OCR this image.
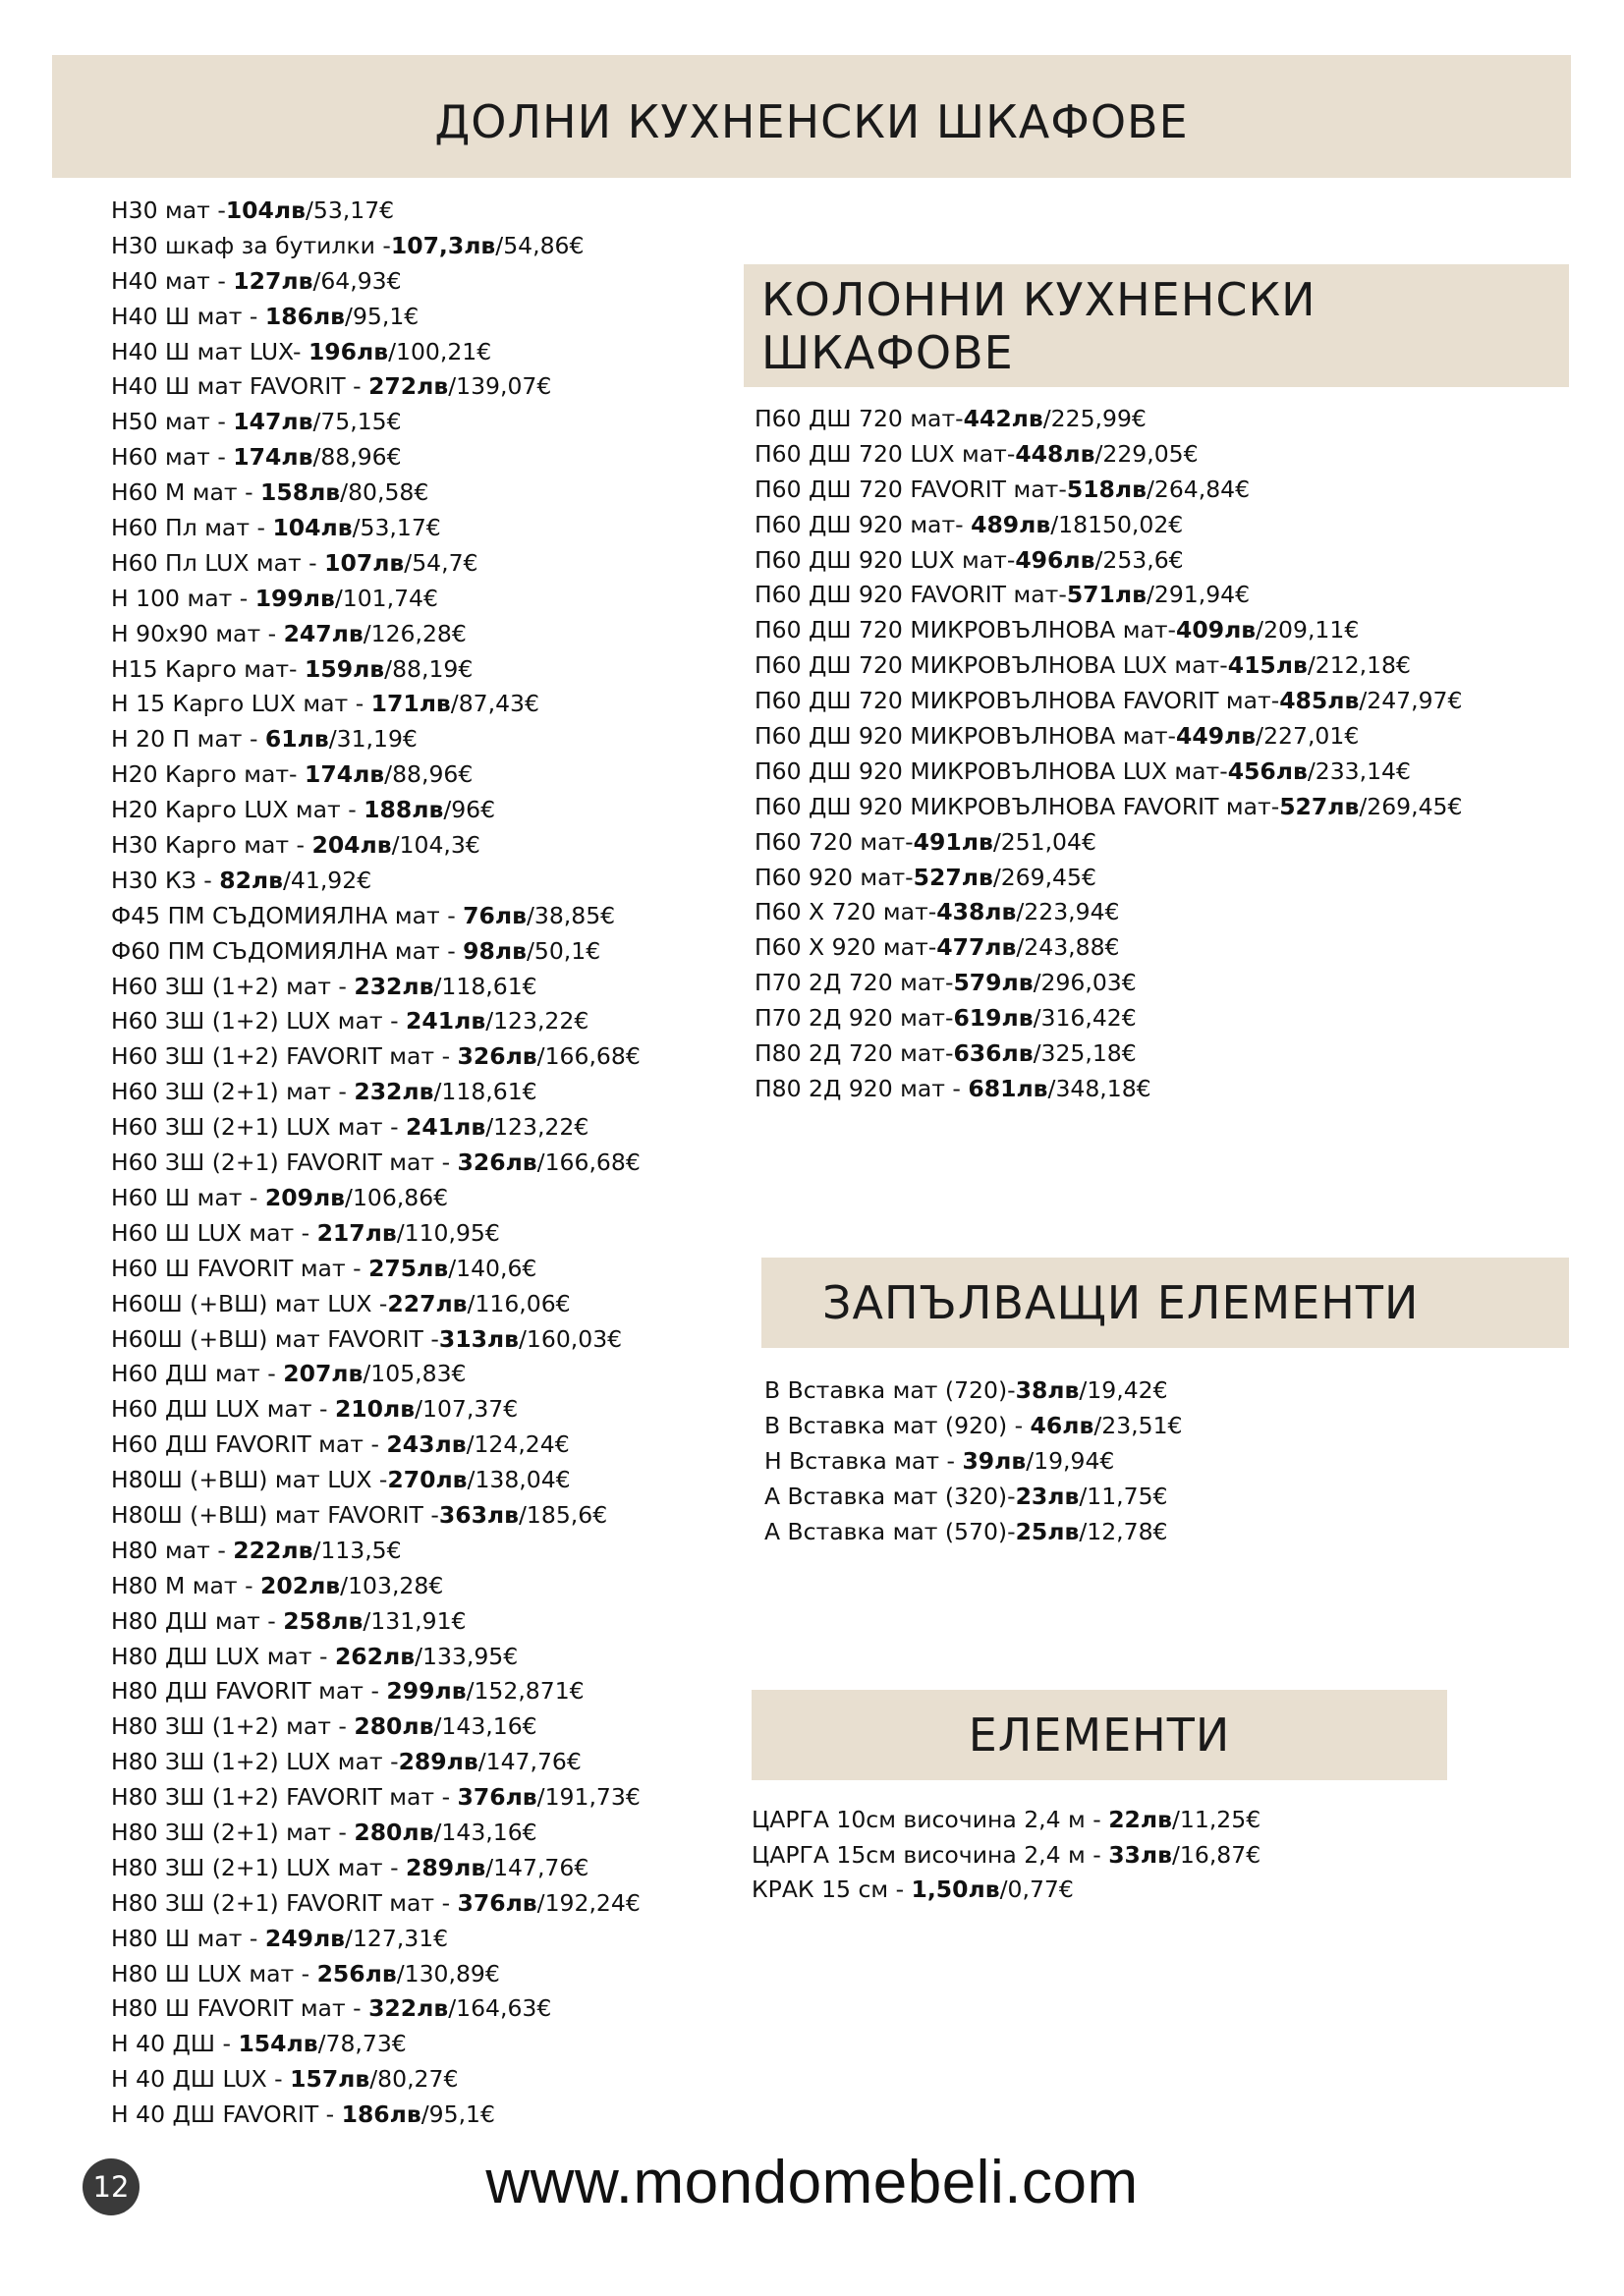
ДОЛНИ КУХНЕНСКИ ШКАФОВЕ
Н30 мат -104лв/53,17€
Н30 шкаф за бутилки -107,3лв/54,86€
Н40 мат - 127лв/64,93€
Н40 Ш мат - 186лв/95,1€
Н40 Ш мат LUX- 196лв/100,21€
Н40 Ш мат FAVORIT - 272лв/139,07€
Н50 мат - 147лв/75,15€
Н60 мат - 174лв/88,96€
Н60 М мат - 158лв/80,58€
Н60 Пл мат - 104лв/53,17€
Н60 Пл LUX мат - 107лв/54,7€
Н 100 мат - 199лв/101,74€
Н 90х90 мат - 247лв/126,28€
Н15 Карго мат- 159лв/88,19€
Н 15 Карго LUX мат - 171лв/87,43€
Н 20 П мат - 61лв/31,19€
Н20 Карго мат- 174лв/88,96€
Н20 Карго LUX мат - 188лв/96€
Н30 Карго мат - 204лв/104,3€
Н30 КЗ - 82лв/41,92€
Ф45 ПМ СЪДОМИЯЛНА мат - 76лв/38,85€
Ф60 ПМ СЪДОМИЯЛНА мат - 98лв/50,1€
Н60 ЗШ (1+2) мат - 232лв/118,61€
Н60 ЗШ (1+2) LUX мат - 241лв/123,22€
Н60 ЗШ (1+2) FAVORIT мат - 326лв/166,68€
Н60 ЗШ (2+1) мат - 232лв/118,61€
Н60 ЗШ (2+1) LUX мат - 241лв/123,22€
Н60 ЗШ (2+1) FAVORIT мат - 326лв/166,68€
Н60 Ш мат - 209лв/106,86€
Н60 Ш LUX мат - 217лв/110,95€
Н60 Ш FAVORIT мат - 275лв/140,6€
Н60Ш (+ВШ) мат LUX -227лв/116,06€
Н60Ш (+ВШ) мат FAVORIT -313лв/160,03€
Н60 ДШ мат - 207лв/105,83€
Н60 ДШ LUX мат - 210лв/107,37€
Н60 ДШ FAVORIT мат - 243лв/124,24€
Н80Ш (+ВШ) мат LUX -270лв/138,04€
Н80Ш (+ВШ) мат FAVORIT -363лв/185,6€
Н80 мат - 222лв/113,5€
Н80 М мат - 202лв/103,28€
Н80 ДШ мат - 258лв/131,91€
Н80 ДШ LUX мат - 262лв/133,95€
Н80 ДШ FAVORIT мат - 299лв/152,871€
Н80 ЗШ (1+2) мат - 280лв/143,16€
Н80 ЗШ (1+2) LUX мат -289лв/147,76€
Н80 ЗШ (1+2) FAVORIT мат - 376лв/191,73€
Н80 ЗШ (2+1) мат - 280лв/143,16€
Н80 ЗШ (2+1) LUX мат - 289лв/147,76€
Н80 ЗШ (2+1) FAVORIT мат - 376лв/192,24€
Н80 Ш мат - 249лв/127,31€
Н80 Ш LUX мат - 256лв/130,89€
Н80 Ш FAVORIT мат - 322лв/164,63€
Н 40 ДШ - 154лв/78,73€
Н 40 ДШ LUX - 157лв/80,27€
Н 40 ДШ FAVORIT - 186лв/95,1€
КОЛОННИ КУХНЕНСКИ ШКАФОВЕ
П60 ДШ 720 мат-442лв/225,99€
П60 ДШ 720 LUX мат-448лв/229,05€
П60 ДШ 720 FAVORIT мат-518лв/264,84€
П60 ДШ 920 мат- 489лв/18150,02€
П60 ДШ 920 LUX мат-496лв/253,6€
П60 ДШ 920 FAVORIT мат-571лв/291,94€
П60 ДШ 720 МИКРОВЪЛНОВА мат-409лв/209,11€
П60 ДШ 720 МИКРОВЪЛНОВА LUX мат-415лв/212,18€
П60 ДШ 720 МИКРОВЪЛНОВА FAVORIT мат-485лв/247,97€
П60 ДШ 920 МИКРОВЪЛНОВА мат-449лв/227,01€
П60 ДШ 920 МИКРОВЪЛНОВА LUX мат-456лв/233,14€
П60 ДШ 920 МИКРОВЪЛНОВА FAVORIT мат-527лв/269,45€
П60 720 мат-491лв/251,04€
П60 920 мат-527лв/269,45€
П60 Х 720 мат-438лв/223,94€
П60 Х 920 мат-477лв/243,88€
П70 2Д 720 мат-579лв/296,03€
П70 2Д 920 мат-619лв/316,42€
П80 2Д 720 мат-636лв/325,18€
П80 2Д 920 мат - 681лв/348,18€
ЗАПЪЛВАЩИ ЕЛЕМЕНТИ
В Вставка мат (720)-38лв/19,42€
В Вставка мат (920) - 46лв/23,51€
Н Вставка мат - 39лв/19,94€
А Вставка мат (320)-23лв/11,75€
А Вставка мат (570)-25лв/12,78€
ЕЛЕМЕНТИ
ЦАРГА 10см височина 2,4 м - 22лв/11,25€
ЦАРГА 15см височина 2,4 м - 33лв/16,87€
КРАК 15 см - 1,50лв/0,77€
12	www.mondomebeli.com
